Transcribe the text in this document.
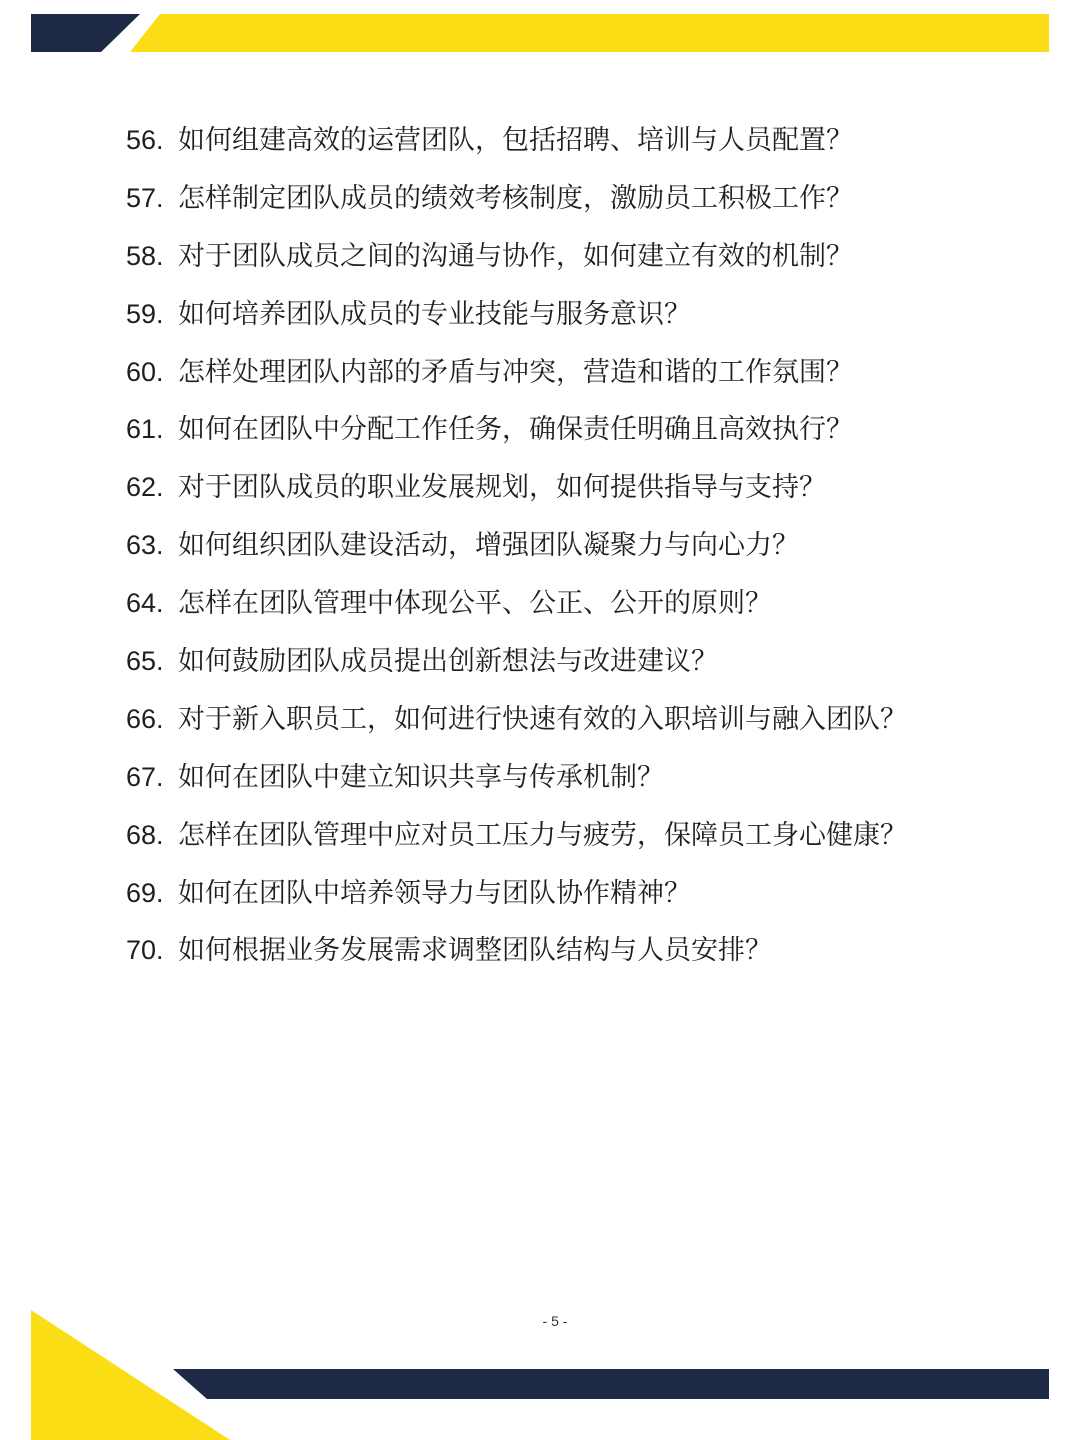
56. 如何组建高效的运营团队，包括招聘、培训与人员配置？
57. 怎样制定团队成员的绩效考核制度，激励员工积极工作？
58. 对于团队成员之间的沟通与协作，如何建立有效的机制？
59. 如何培养团队成员的专业技能与服务意识？
60. 怎样处理团队内部的矛盾与冲突，营造和谐的工作氛围？
61. 如何在团队中分配工作任务，确保责任明确且高效执行？
62. 对于团队成员的职业发展规划，如何提供指导与支持？
63. 如何组织团队建设活动，增强团队凝聚力与向心力？
64. 怎样在团队管理中体现公平、公正、公开的原则？
65. 如何鼓励团队成员提出创新想法与改进建议？
66. 对于新入职员工，如何进行快速有效的入职培训与融入团队？
67. 如何在团队中建立知识共享与传承机制？
68. 怎样在团队管理中应对员工压力与疲劳，保障员工身心健康？
69. 如何在团队中培养领导力与团队协作精神？
70. 如何根据业务发展需求调整团队结构与人员安排？
- 5 -
